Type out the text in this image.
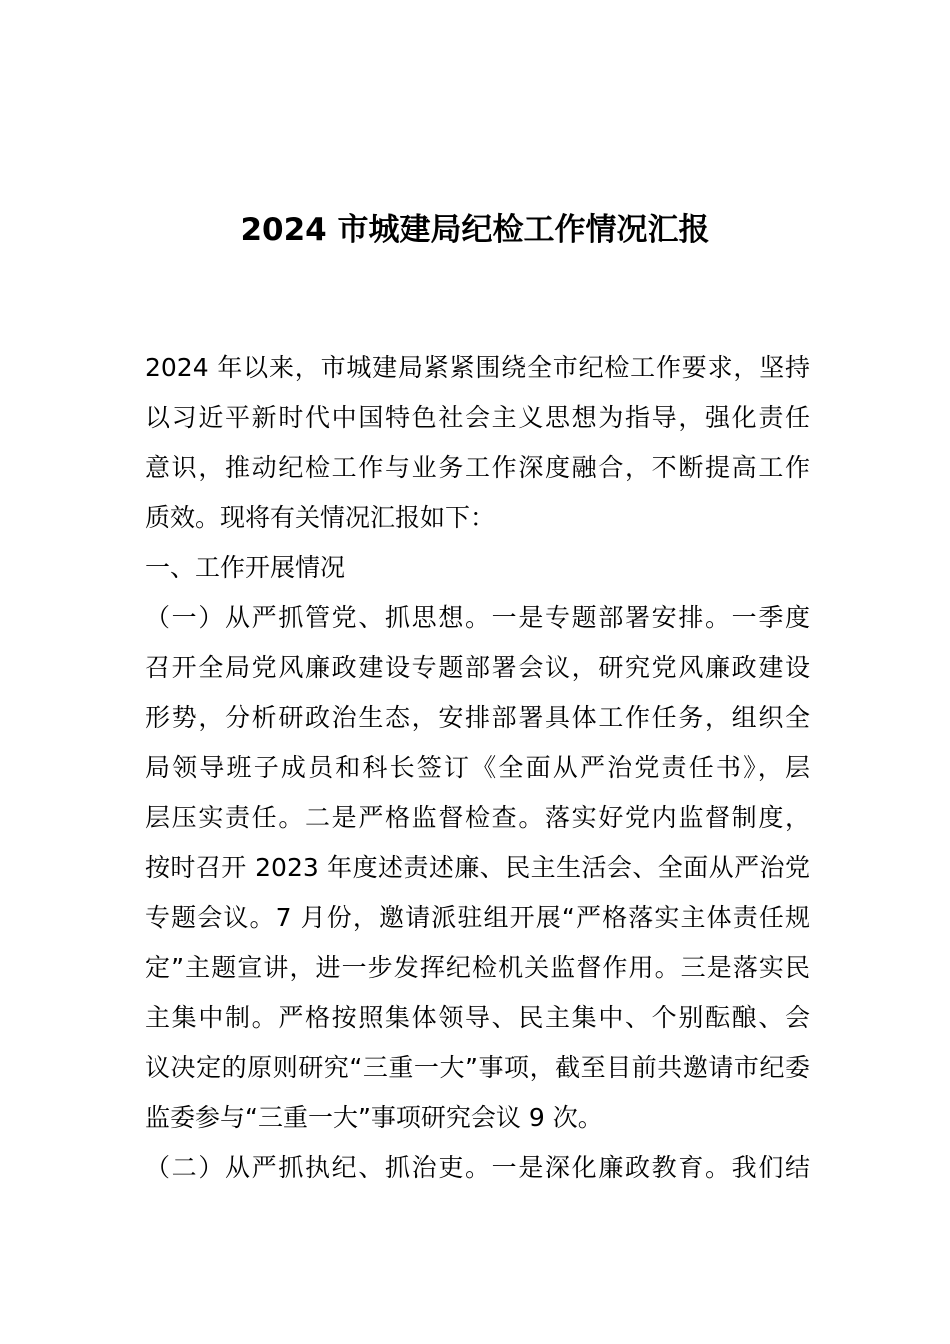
2024 市城建局纪检工作情况汇报
2024 年以来，市城建局紧紧围绕全市纪检工作要求，坚持
以习近平新时代中国特色社会主义思想为指导，强化责任
意识，推动纪检工作与业务工作深度融合，不断提高工作
质效。现将有关情况汇报如下：
一、工作开展情况
（一）从严抓管党、抓思想。一是专题部署安排。一季度
召开全局党风廉政建设专题部署会议，研究党风廉政建设
形势，分析研政治生态，安排部署具体工作任务，组织全
局领导班子成员和科长签订《全面从严治党责任书》，层
层压实责任。二是严格监督检查。落实好党内监督制度，
按时召开 2023 年度述责述廉、民主生活会、全面从严治党
专题会议。7 月份，邀请派驻组开展“严格落实主体责任规
定”主题宣讲，进一步发挥纪检机关监督作用。三是落实民
主集中制。严格按照集体领导、民主集中、个别酝酿、会
议决定的原则研究“三重一大”事项，截至目前共邀请市纪委
监委参与“三重一大”事项研究会议 9 次。
（二）从严抓执纪、抓治吏。一是深化廉政教育。我们结
